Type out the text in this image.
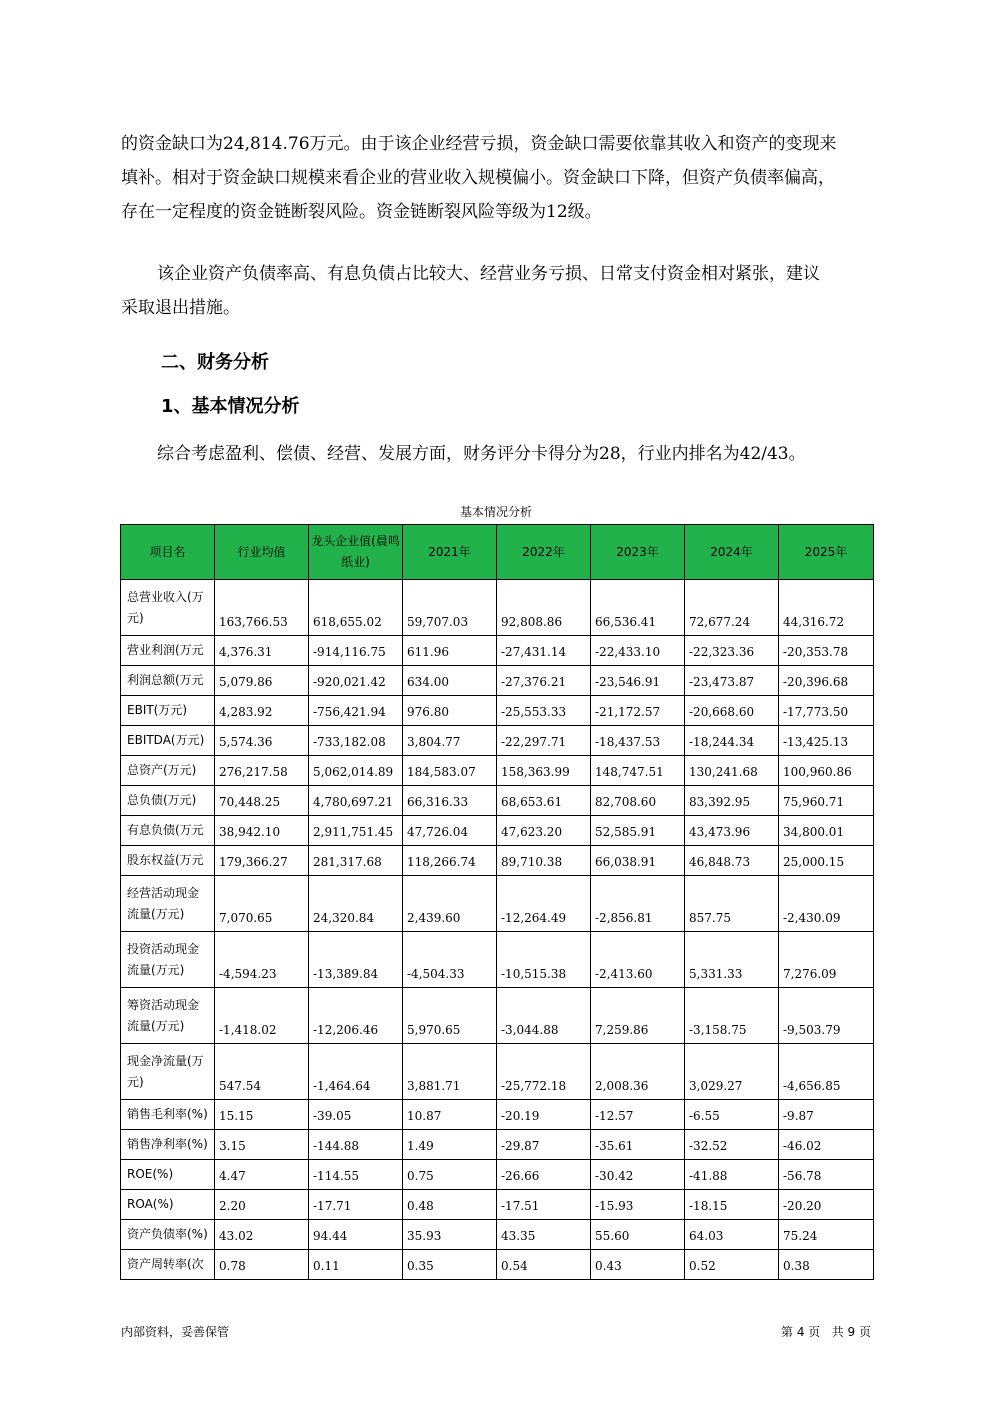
的资金缺口为24,814.76万元。由于该企业经营亏损，资金缺口需要依靠其收入和资产的变现来
填补。相对于资金缺口规模来看企业的营业收入规模偏小。资金缺口下降，但资产负债率偏高，
存在一定程度的资金链断裂风险。资金链断裂风险等级为12级。
该企业资产负债率高、有息负债占比较大、经营业务亏损、日常支付资金相对紧张，建议
采取退出措施。
二、财务分析
1、基本情况分析
综合考虑盈利、偿债、经营、发展方面，财务评分卡得分为28，行业内排名为42/43。
基本情况分析
项目名	行业均值	龙头企业值(晨鸣纸业)	2021年	2022年	2023年	2024年	2025年
总营业收入(万元)	163,766.53	618,655.02	59,707.03	92,808.86	66,536.41	72,677.24	44,316.72
营业利润(万元	4,376.31	-914,116.75	611.96	-27,431.14	-22,433.10	-22,323.36	-20,353.78
利润总额(万元	5,079.86	-920,021.42	634.00	-27,376.21	-23,546.91	-23,473.87	-20,396.68
EBIT(万元)	4,283.92	-756,421.94	976.80	-25,553.33	-21,172.57	-20,668.60	-17,773.50
EBITDA(万元)	5,574.36	-733,182.08	3,804.77	-22,297.71	-18,437.53	-18,244.34	-13,425.13
总资产(万元)	276,217.58	5,062,014.89	184,583.07	158,363.99	148,747.51	130,241.68	100,960.86
总负债(万元)	70,448.25	4,780,697.21	66,316.33	68,653.61	82,708.60	83,392.95	75,960.71
有息负债(万元	38,942.10	2,911,751.45	47,726.04	47,623.20	52,585.91	43,473.96	34,800.01
股东权益(万元	179,366.27	281,317.68	118,266.74	89,710.38	66,038.91	46,848.73	25,000.15
经营活动现金流量(万元)	7,070.65	24,320.84	2,439.60	-12,264.49	-2,856.81	857.75	-2,430.09
投资活动现金流量(万元)	-4,594.23	-13,389.84	-4,504.33	-10,515.38	-2,413.60	5,331.33	7,276.09
筹资活动现金流量(万元)	-1,418.02	-12,206.46	5,970.65	-3,044.88	7,259.86	-3,158.75	-9,503.79
现金净流量(万元)	547.54	-1,464.64	3,881.71	-25,772.18	2,008.36	3,029.27	-4,656.85
销售毛利率(%)	15.15	-39.05	10.87	-20.19	-12.57	-6.55	-9.87
销售净利率(%)	3.15	-144.88	1.49	-29.87	-35.61	-32.52	-46.02
ROE(%)	4.47	-114.55	0.75	-26.66	-30.42	-41.88	-56.78
ROA(%)	2.20	-17.71	0.48	-17.51	-15.93	-18.15	-20.20
资产负债率(%)	43.02	94.44	35.93	43.35	55.60	64.03	75.24
资产周转率(次	0.78	0.11	0.35	0.54	0.43	0.52	0.38
内部资料，妥善保管	第 4 页   共 9 页
